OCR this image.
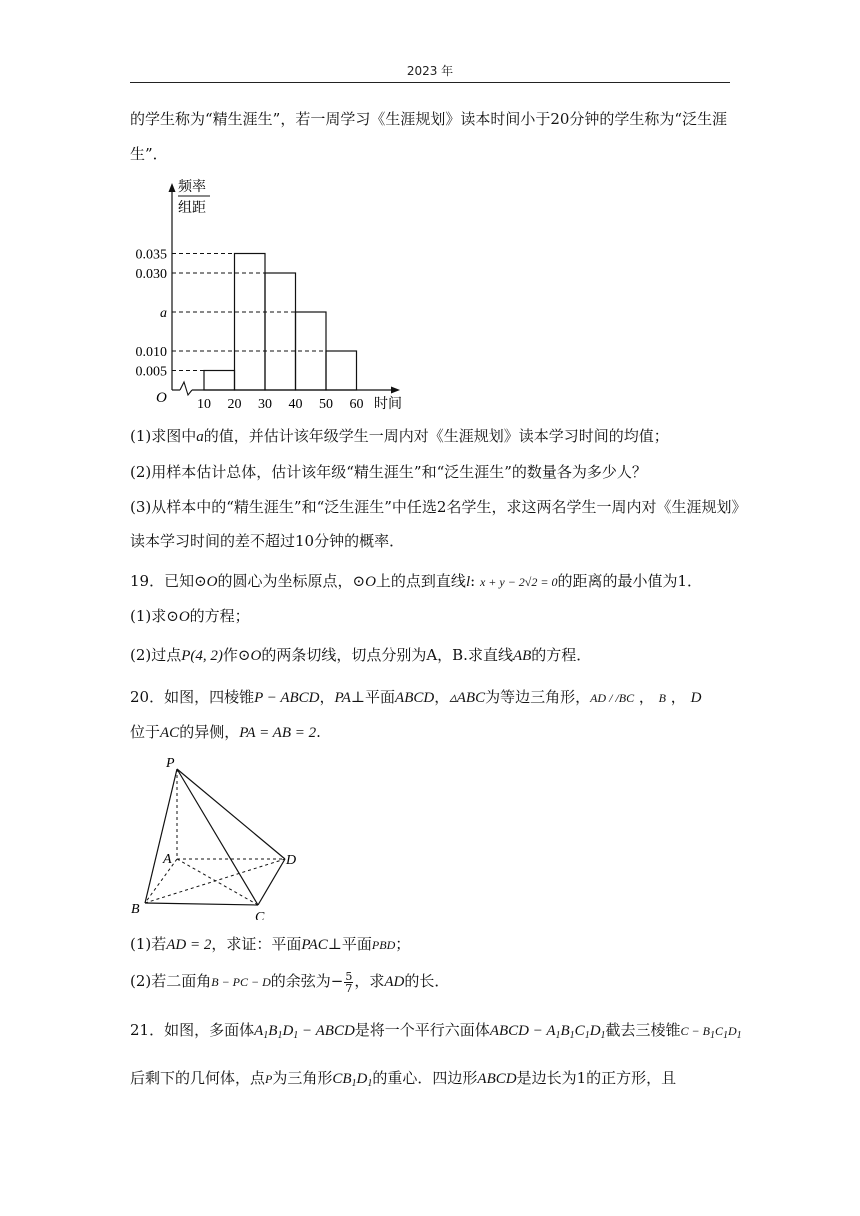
2023 年
的学生称为“精生涯生”，若一周学习《生涯规划》读本时间小于20分钟的学生称为“泛生涯
生”．
0.005
0.010
a
0.030
0.035
10 20 30 40 50 60
O	时间
频率
组距
(1)求图中a的值，并估计该年级学生一周内对《生涯规划》读本学习时间的均值；
(2)用样本估计总体，估计该年级“精生涯生”和“泛生涯生”的数量各为多少人？
(3)从样本中的“精生涯生”和“泛生涯生”中任选2名学生，求这两名学生一周内对《生涯规划》
读本学习时间的差不超过10分钟的概率．
19．已知⊙O的圆心为坐标原点，⊙O上的点到直线l: x + y − 2√2 = 0的距离的最小值为1．
(1)求⊙O的方程；
(2)过点P(4, 2)作⊙O的两条切线，切点分别为A，B.求直线AB的方程．
20．如图，四棱锥P − ABCD，PA⊥平面ABCD，▵ABC为等边三角形，AD / /BC ， B ， D
位于AC的异侧，PA = AB = 2.
P
A
B
C
D
(1)若AD = 2，求证：平面PAC⊥平面PBD；
(2)若二面角B − PC − D的余弦为− $\frac{5}{7}$ ，求AD的长．
21．如图，多面体$A_1B_1D_1$ − ABCD是将一个平行六面体ABCD − $A_1B_1C_1D_1$截去三棱锥$C - B_1C_1D_1$
后剩下的几何体，点P为三角形$CB_1D_1$的重心．四边形ABCD是边长为1的正方形，且
